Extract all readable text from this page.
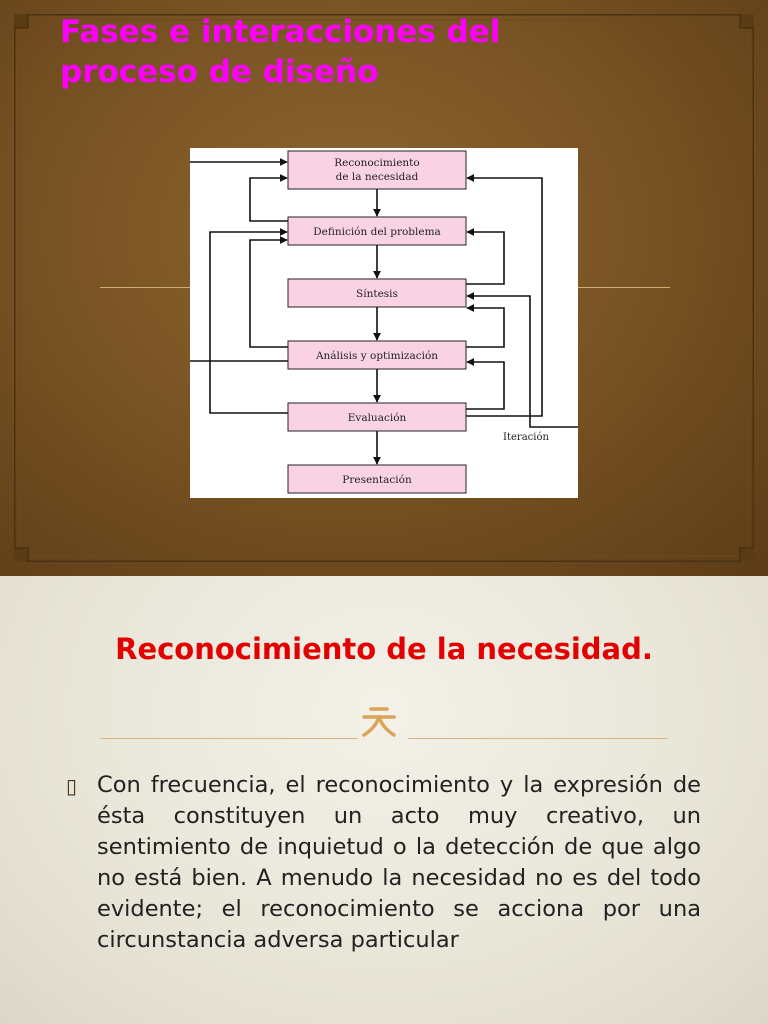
Fases e interacciones del
proceso de diseño
Reconocimiento
de la necesidad
Definición del problema
Síntesis
Análisis y optimización
Evaluación
Presentación
Iteración
Reconocimiento de la necesidad.
▯ Con frecuencia, el reconocimiento y la expresión de ésta constituyen un acto muy creativo, un sentimiento de inquietud o la detección de que algo no está bien. A menudo la necesidad no es del todo evidente; el reconocimiento se acciona por una circunstancia adversa particular
